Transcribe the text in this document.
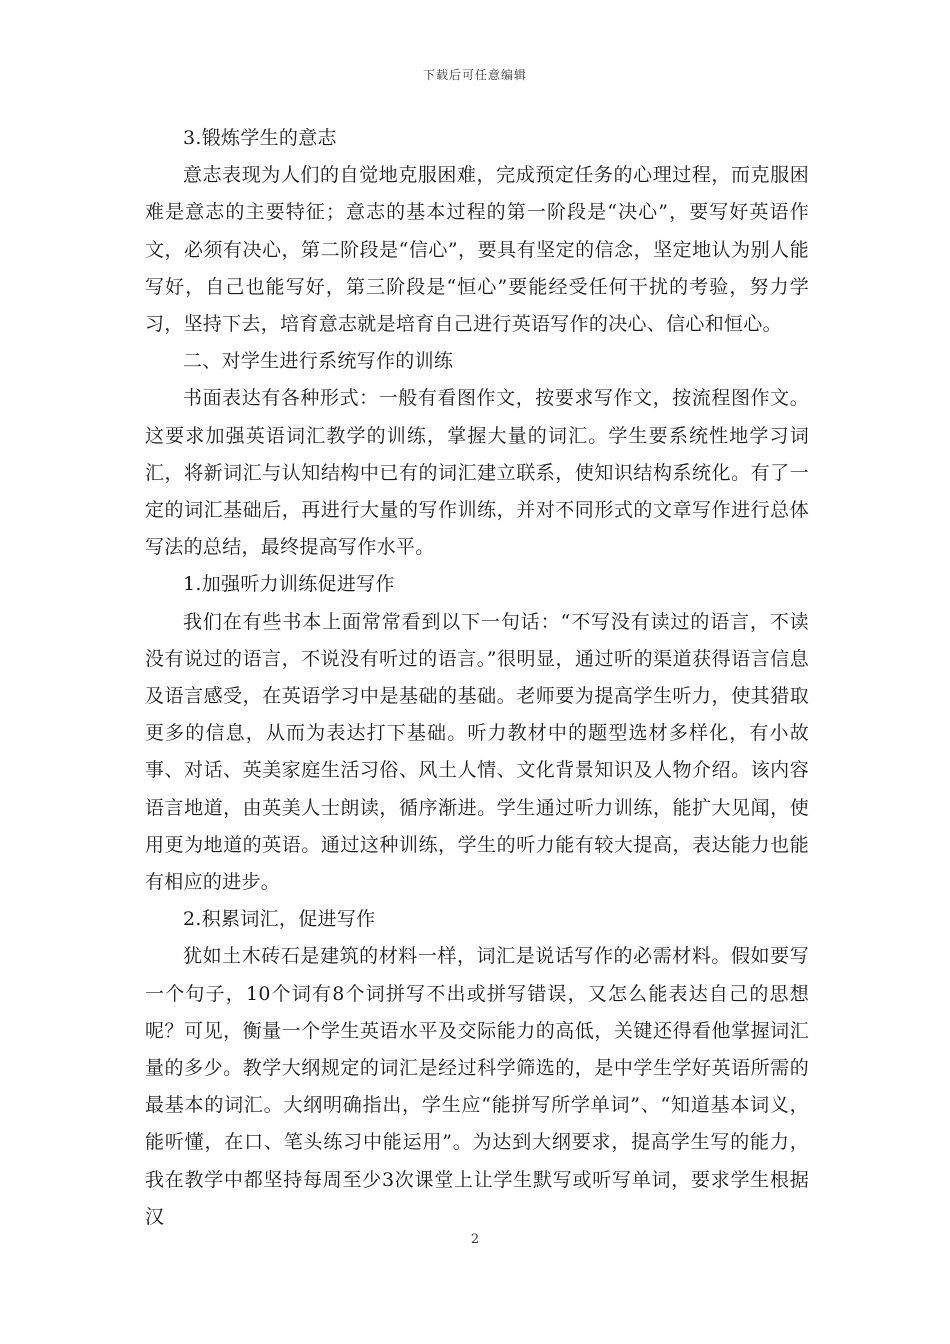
下载后可任意编辑

3.锻炼学生的意志

意志表现为人们的自觉地克服困难，完成预定任务的心理过程，而克服困难是意志的主要特征；意志的基本过程的第一阶段是“决心”，要写好英语作文，必须有决心，第二阶段是“信心”，要具有坚定的信念，坚定地认为别人能写好，自己也能写好，第三阶段是“恒心”要能经受任何干扰的考验，努力学习，坚持下去，培育意志就是培育自己进行英语写作的决心、信心和恒心。

二、对学生进行系统写作的训练

书面表达有各种形式：一般有看图作文，按要求写作文，按流程图作文。这要求加强英语词汇教学的训练，掌握大量的词汇。学生要系统性地学习词汇，将新词汇与认知结构中已有的词汇建立联系，使知识结构系统化。有了一定的词汇基础后，再进行大量的写作训练，并对不同形式的文章写作进行总体写法的总结，最终提高写作水平。

1.加强听力训练促进写作

我们在有些书本上面常常看到以下一句话：“不写没有读过的语言，不读没有说过的语言，不说没有听过的语言。”很明显，通过听的渠道获得语言信息及语言感受，在英语学习中是基础的基础。老师要为提高学生听力，使其猎取更多的信息，从而为表达打下基础。听力教材中的题型选材多样化，有小故事、对话、英美家庭生活习俗、风土人情、文化背景知识及人物介绍。该内容语言地道，由英美人士朗读，循序渐进。学生通过听力训练，能扩大见闻，使用更为地道的英语。通过这种训练，学生的听力能有较大提高，表达能力也能有相应的进步。

2.积累词汇，促进写作

犹如土木砖石是建筑的材料一样，词汇是说话写作的必需材料。假如要写一个句子，10个词有8个词拼写不出或拼写错误，又怎么能表达自己的思想呢？可见，衡量一个学生英语水平及交际能力的高低，关键还得看他掌握词汇量的多少。教学大纲规定的词汇是经过科学筛选的，是中学生学好英语所需的最基本的词汇。大纲明确指出，学生应“能拼写所学单词”、“知道基本词义，能听懂，在口、笔头练习中能运用”。为达到大纲要求，提高学生写的能力，我在教学中都坚持每周至少3次课堂上让学生默写或听写单词，要求学生根据汉

2
